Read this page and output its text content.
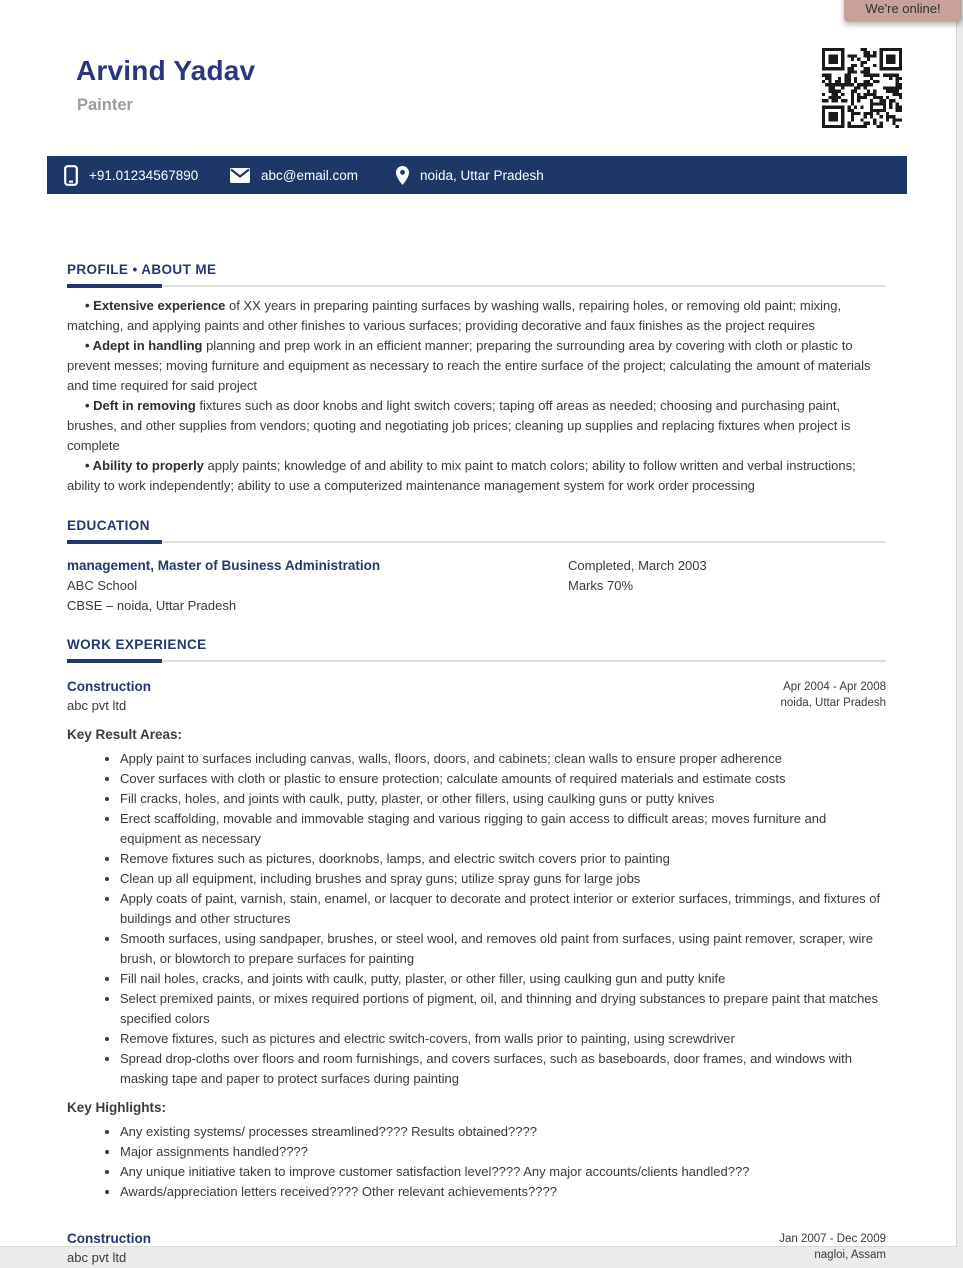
Arvind Yadav
Painter
+91.01234567890	abc@email.com	noida, Uttar Pradesh
PROFILE • ABOUT ME

• Extensive experience of XX years in preparing painting surfaces by washing walls, repairing holes, or removing old paint; mixing, matching, and applying paints and other finishes to various surfaces; providing decorative and faux finishes as the project requires

• Adept in handling planning and prep work in an efficient manner; preparing the surrounding area by covering with cloth or plastic to prevent messes; moving furniture and equipment as necessary to reach the entire surface of the project; calculating the amount of materials and time required for said project

• Deft in removing fixtures such as door knobs and light switch covers; taping off areas as needed; choosing and purchasing paint, brushes, and other supplies from vendors; quoting and negotiating job prices; cleaning up supplies and replacing fixtures when project is complete

• Ability to properly apply paints; knowledge of and ability to mix paint to match colors; ability to follow written and verbal instructions; ability to work independently; ability to use a computerized maintenance management system for work order processing

EDUCATION
management, Master of Business Administration
ABC School
CBSE – noida, Uttar Pradesh
Completed, March 2003
Marks 70%
WORK EXPERIENCE
Construction
abc pvt ltd
Apr 2004 - Apr 2008
noida, Uttar Pradesh
Key Result Areas:
• Apply paint to surfaces including canvas, walls, floors, doors, and cabinets; clean walls to ensure proper adherence
• Cover surfaces with cloth or plastic to ensure protection; calculate amounts of required materials and estimate costs
• Fill cracks, holes, and joints with caulk, putty, plaster, or other fillers, using caulking guns or putty knives
• Erect scaffolding, movable and immovable staging and various rigging to gain access to difficult areas; moves furniture and equipment as necessary
• Remove fixtures such as pictures, doorknobs, lamps, and electric switch covers prior to painting
• Clean up all equipment, including brushes and spray guns; utilize spray guns for large jobs
• Apply coats of paint, varnish, stain, enamel, or lacquer to decorate and protect interior or exterior surfaces, trimmings, and fixtures of buildings and other structures
• Smooth surfaces, using sandpaper, brushes, or steel wool, and removes old paint from surfaces, using paint remover, scraper, wire brush, or blowtorch to prepare surfaces for painting
• Fill nail holes, cracks, and joints with caulk, putty, plaster, or other filler, using caulking gun and putty knife
• Select premixed paints, or mixes required portions of pigment, oil, and thinning and drying substances to prepare paint that matches specified colors
• Remove fixtures, such as pictures and electric switch-covers, from walls prior to painting, using screwdriver
• Spread drop-cloths over floors and room furnishings, and covers surfaces, such as baseboards, door frames, and windows with masking tape and paper to protect surfaces during painting
Key Highlights:
• Any existing systems/ processes streamlined???? Results obtained????
• Major assignments handled????
• Any unique initiative taken to improve customer satisfaction level???? Any major accounts/clients handled???
• Awards/appreciation letters received???? Other relevant achievements????
Construction
abc pvt ltd
Jan 2007 - Dec 2009
nagloi, Assam
We're online!
